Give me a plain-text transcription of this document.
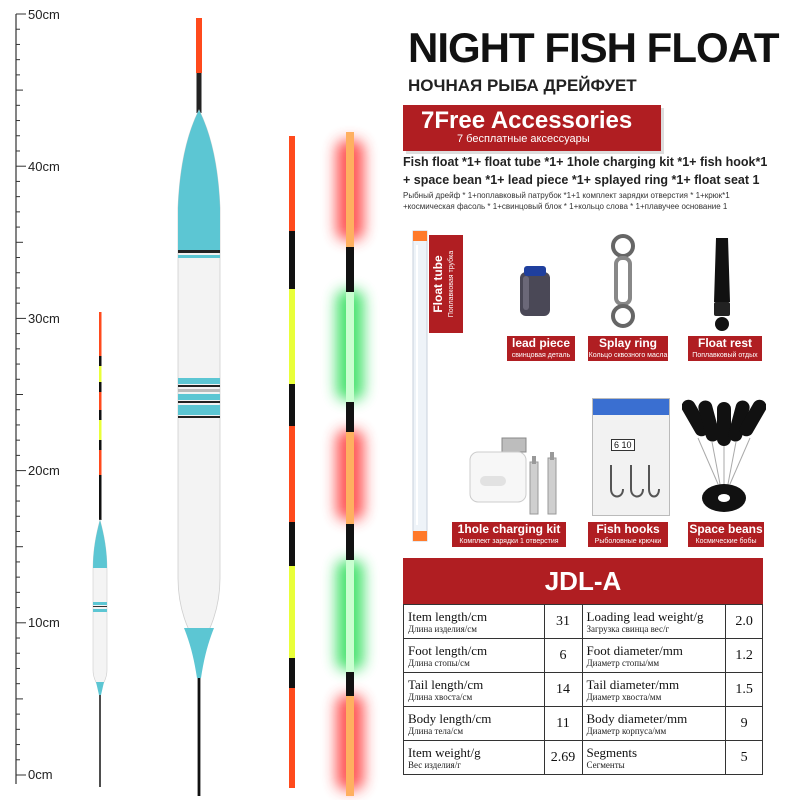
50cm
40cm
30cm
20cm
10cm
0cm
NIGHT FISH FLOAT
НОЧНАЯ РЫБА ДРЕЙФУЕТ
7Free Accessories
7 бесплатные аксессуары
Fish float *1+ float tube *1+ 1hole charging kit *1+ fish hook*1
+ space bean *1+ lead piece *1+ splayed ring *1+ float seat 1
Рыбный дрейф * 1+поплавковый патрубок *1+1 комплект зарядки отверстия * 1+крюк*1
+космическая фасоль * 1+свинцовый блок * 1+кольцо слова * 1+плавучее основание 1
Float tube Поплавковая трубка
lead piece
свинцовая деталь
Splay ring
Кольцо сквозного масла
Float rest
Поплавковый отдых
1hole charging kit
Комплект зарядки 1 отверстия
6 10
Fish hooks
Рыболовные крючки
Space beans
Космические бобы
JDL-A
Item length/cm
Длина изделия/см	31	Loading lead weight/g
Загрузка свинца вес/г	2.0

Foot length/cm
Длина стопы/см	6	Foot diameter/mm
Диаметр стопы/мм	1.2

Tail length/cm
Длина хвоста/см	14	Tail diameter/mm
Диаметр хвоста/мм	1.5

Body length/cm
Длина тела/см	11	Body diameter/mm
Диаметр корпуса/мм	9

Item weight/g
Вес изделия/г	2.69	Segments
Сегменты	5
